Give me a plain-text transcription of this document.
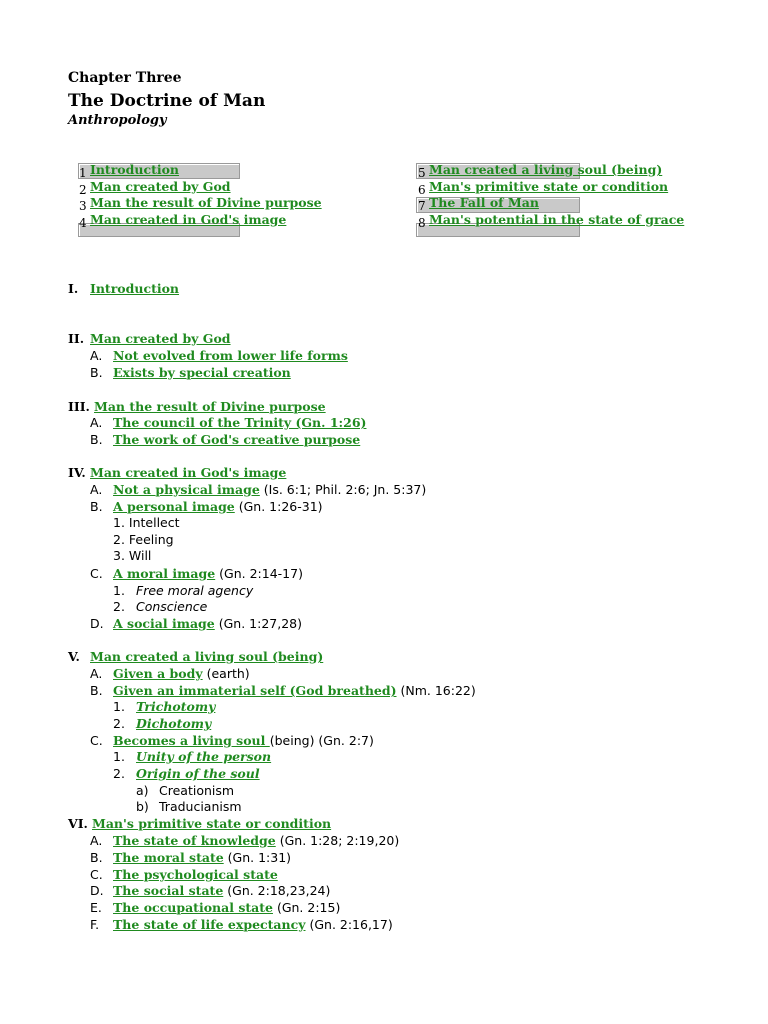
Chapter Three
The Doctrine of Man
Anthropology
1 Introduction
2 Man created by God
3 Man the result of Divine purpose
4 Man created in God's image
5 Man created a living soul (being)
6 Man's primitive state or condition
7 The Fall of Man
8 Man's potential in the state of grace
I. Introduction
II. Man created by God
A. Not evolved from lower life forms
B. Exists by special creation
III. Man the result of Divine purpose
A. The council of the Trinity (Gn. 1:26)
B. The work of God's creative purpose
IV. Man created in God's image
A. Not a physical image (Is. 6:1; Phil. 2:6; Jn. 5:37)
B. A personal image (Gn. 1:26-31)
1. Intellect
2. Feeling
3. Will
C. A moral image (Gn. 2:14-17)
1. Free moral agency
2. Conscience
D. A social image (Gn. 1:27,28)
V. Man created a living soul (being)
A. Given a body (earth)
B. Given an immaterial self (God breathed) (Nm. 16:22)
1. Trichotomy
2. Dichotomy
C. Becomes a living soul (being) (Gn. 2:7)
1. Unity of the person
2. Origin of the soul
a) Creationism
b) Traducianism
VI. Man's primitive state or condition
A. The state of knowledge (Gn. 1:28; 2:19,20)
B. The moral state (Gn. 1:31)
C. The psychological state
D. The social state (Gn. 2:18,23,24)
E. The occupational state (Gn. 2:15)
F. The state of life expectancy (Gn. 2:16,17)
